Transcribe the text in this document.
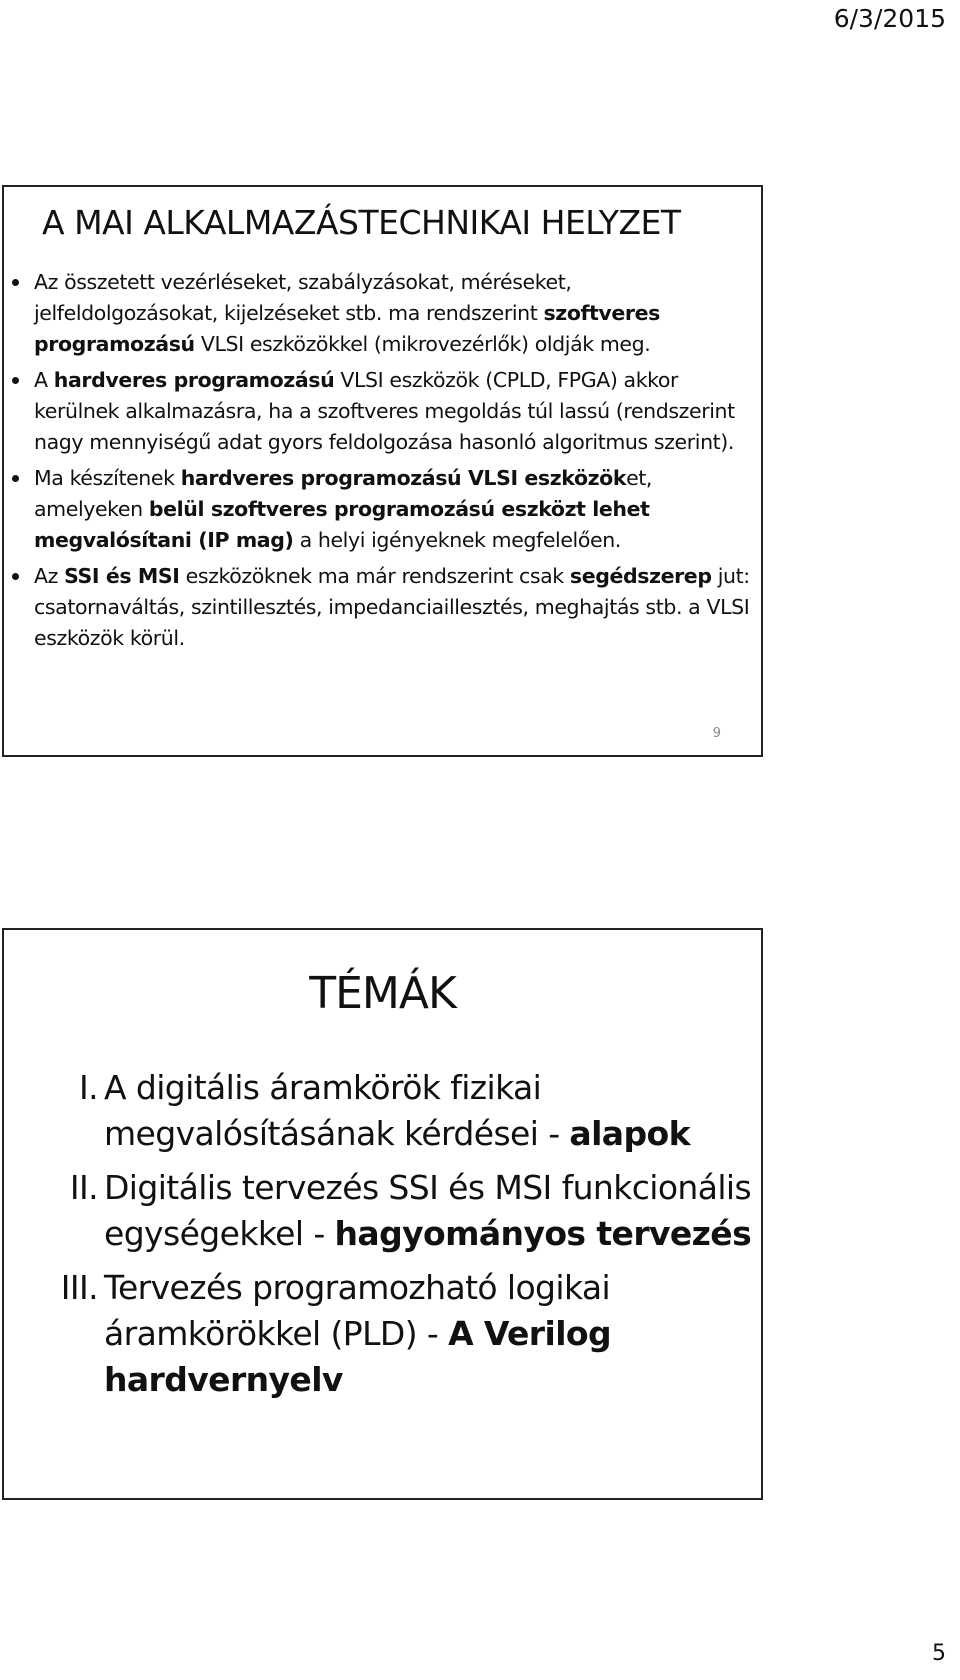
6/3/2015
A MAI ALKALMAZÁSTECHNIKAI HELYZET
Az összetett vezérléseket, szabályzásokat, méréseket, jelfeldolgozásokat, kijelzéseket stb. ma rendszerint szoftveres programozású VLSI eszközökkel (mikrovezérlők) oldják meg.
A hardveres programozású VLSI eszközök (CPLD, FPGA) akkor kerülnek alkalmazásra, ha a szoftveres megoldás túl lassú (rendszerint nagy mennyiségű adat gyors feldolgozása hasonló algoritmus szerint).
Ma készítenek hardveres programozású VLSI eszközöket, amelyeken belül szoftveres programozású eszközt lehet megvalósítani (IP mag) a helyi igényeknek megfelelően.
Az SSI és MSI eszközöknek ma már rendszerint csak segédszerep jut: csatornaváltás, szintillesztés, impedanciaillesztés, meghajtás stb. a VLSI eszközök körül.
9
TÉMÁK
I. A digitális áramkörök fizikai megvalósításának kérdései - alapok
II. Digitális tervezés SSI és MSI funkcionális egységekkel - hagyományos tervezés
III. Tervezés programozható logikai áramkörökkel (PLD) - A Verilog hardvernyelv
5
